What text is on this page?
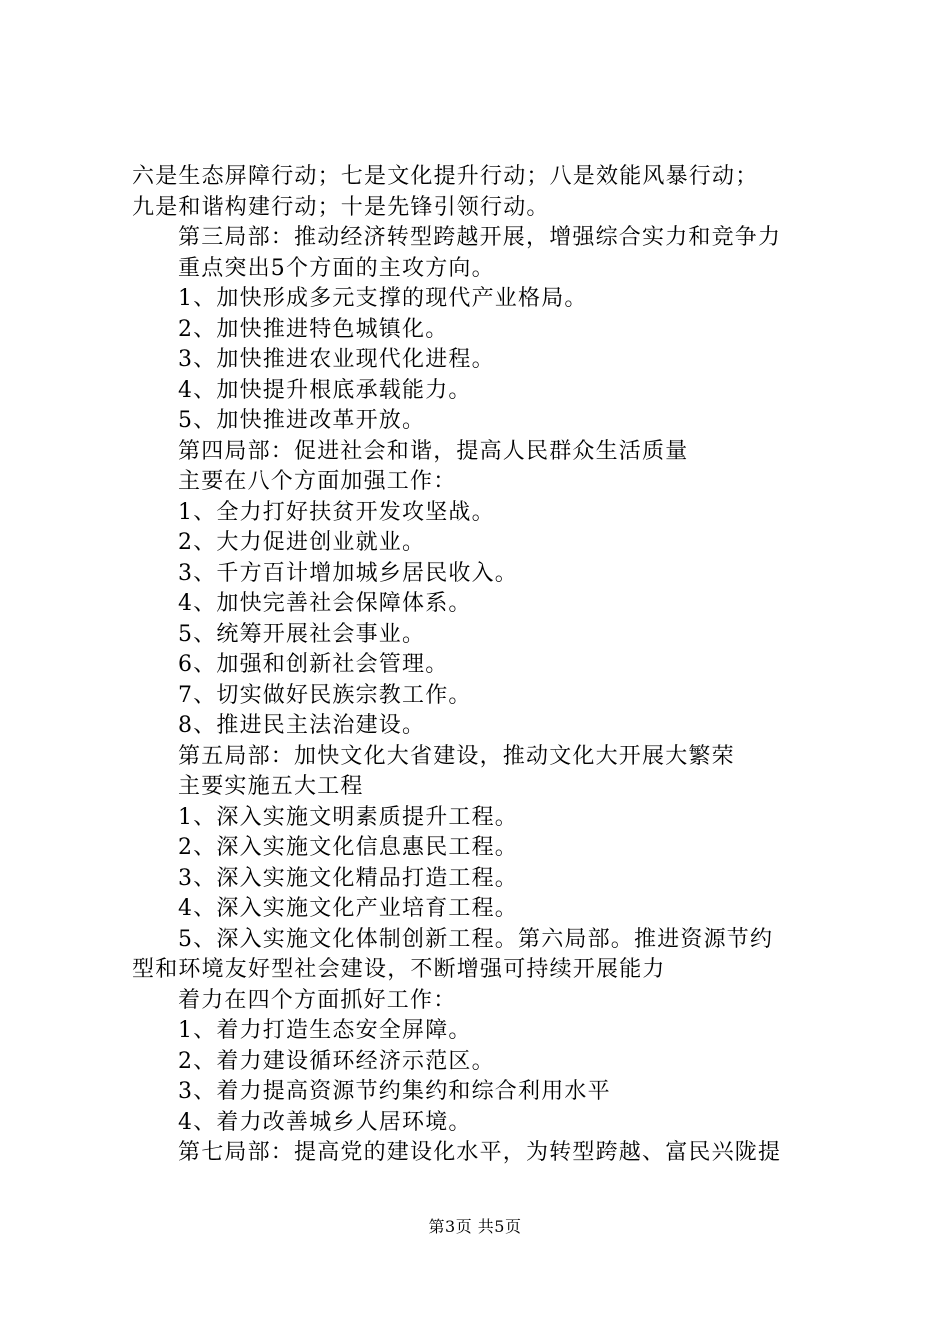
六是生态屏障行动；七是文化提升行动；八是效能风暴行动；
九是和谐构建行动；十是先锋引领行动。
第三局部：推动经济转型跨越开展，增强综合实力和竞争力
重点突出5个方面的主攻方向。
1、加快形成多元支撑的现代产业格局。
2、加快推进特色城镇化。
3、加快推进农业现代化进程。
4、加快提升根底承载能力。
5、加快推进改革开放。
第四局部：促进社会和谐，提高人民群众生活质量
主要在八个方面加强工作：
1、全力打好扶贫开发攻坚战。
2、大力促进创业就业。
3、千方百计增加城乡居民收入。
4、加快完善社会保障体系。
5、统筹开展社会事业。
6、加强和创新社会管理。
7、切实做好民族宗教工作。
8、推进民主法治建设。
第五局部：加快文化大省建设，推动文化大开展大繁荣
主要实施五大工程
1、深入实施文明素质提升工程。
2、深入实施文化信息惠民工程。
3、深入实施文化精品打造工程。
4、深入实施文化产业培育工程。
5、深入实施文化体制创新工程。第六局部。推进资源节约
型和环境友好型社会建设，不断增强可持续开展能力
着力在四个方面抓好工作：
1、着力打造生态安全屏障。
2、着力建设循环经济示范区。
3、着力提高资源节约集约和综合利用水平
4、着力改善城乡人居环境。
第七局部：提高党的建设化水平，为转型跨越、富民兴陇提
第3页 共5页
